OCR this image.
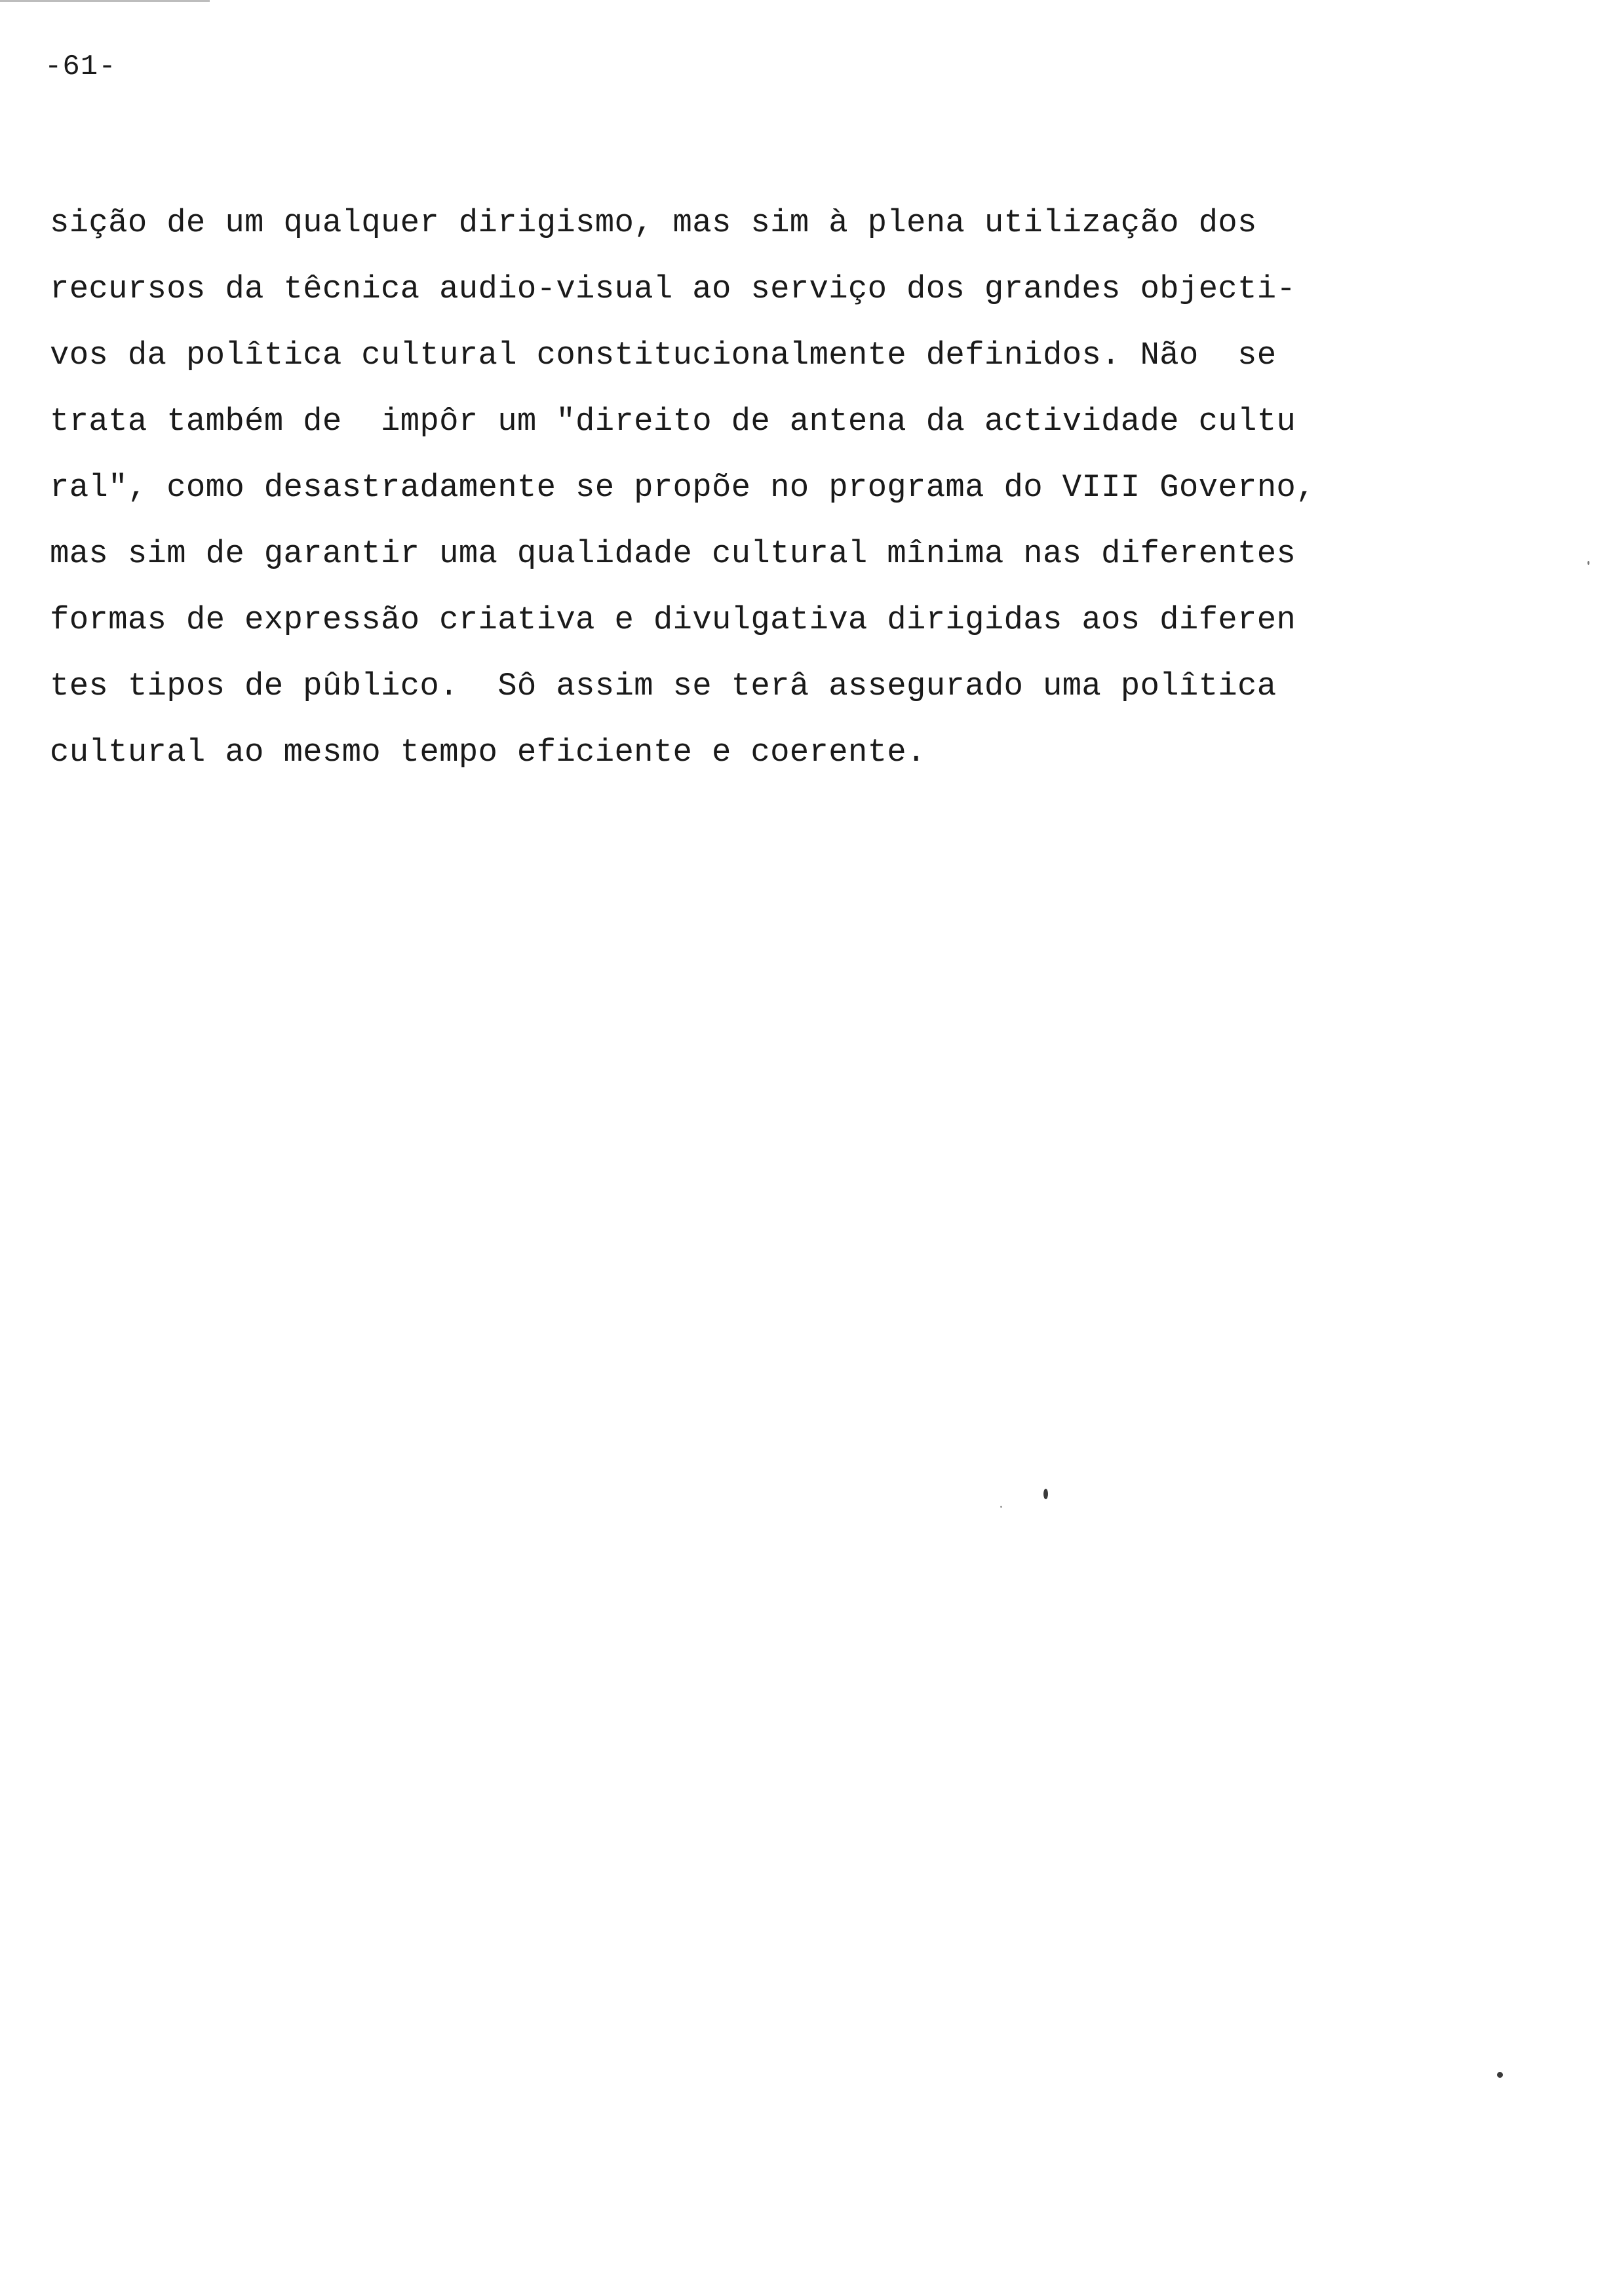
-61-
sição de um qualquer dirigismo, mas sim à plena utilização dos
recursos da têcnica audio-visual ao serviço dos grandes objecti-
vos da polîtica cultural constitucionalmente definidos. Não  se
trata também de  impôr um "direito de antena da actividade cultu
ral", como desastradamente se propõe no programa do VIII Governo,
mas sim de garantir uma qualidade cultural mînima nas diferentes
formas de expressão criativa e divulgativa dirigidas aos diferen
tes tipos de pûblico.  Sô assim se terâ assegurado uma polîtica
cultural ao mesmo tempo eficiente e coerente.
